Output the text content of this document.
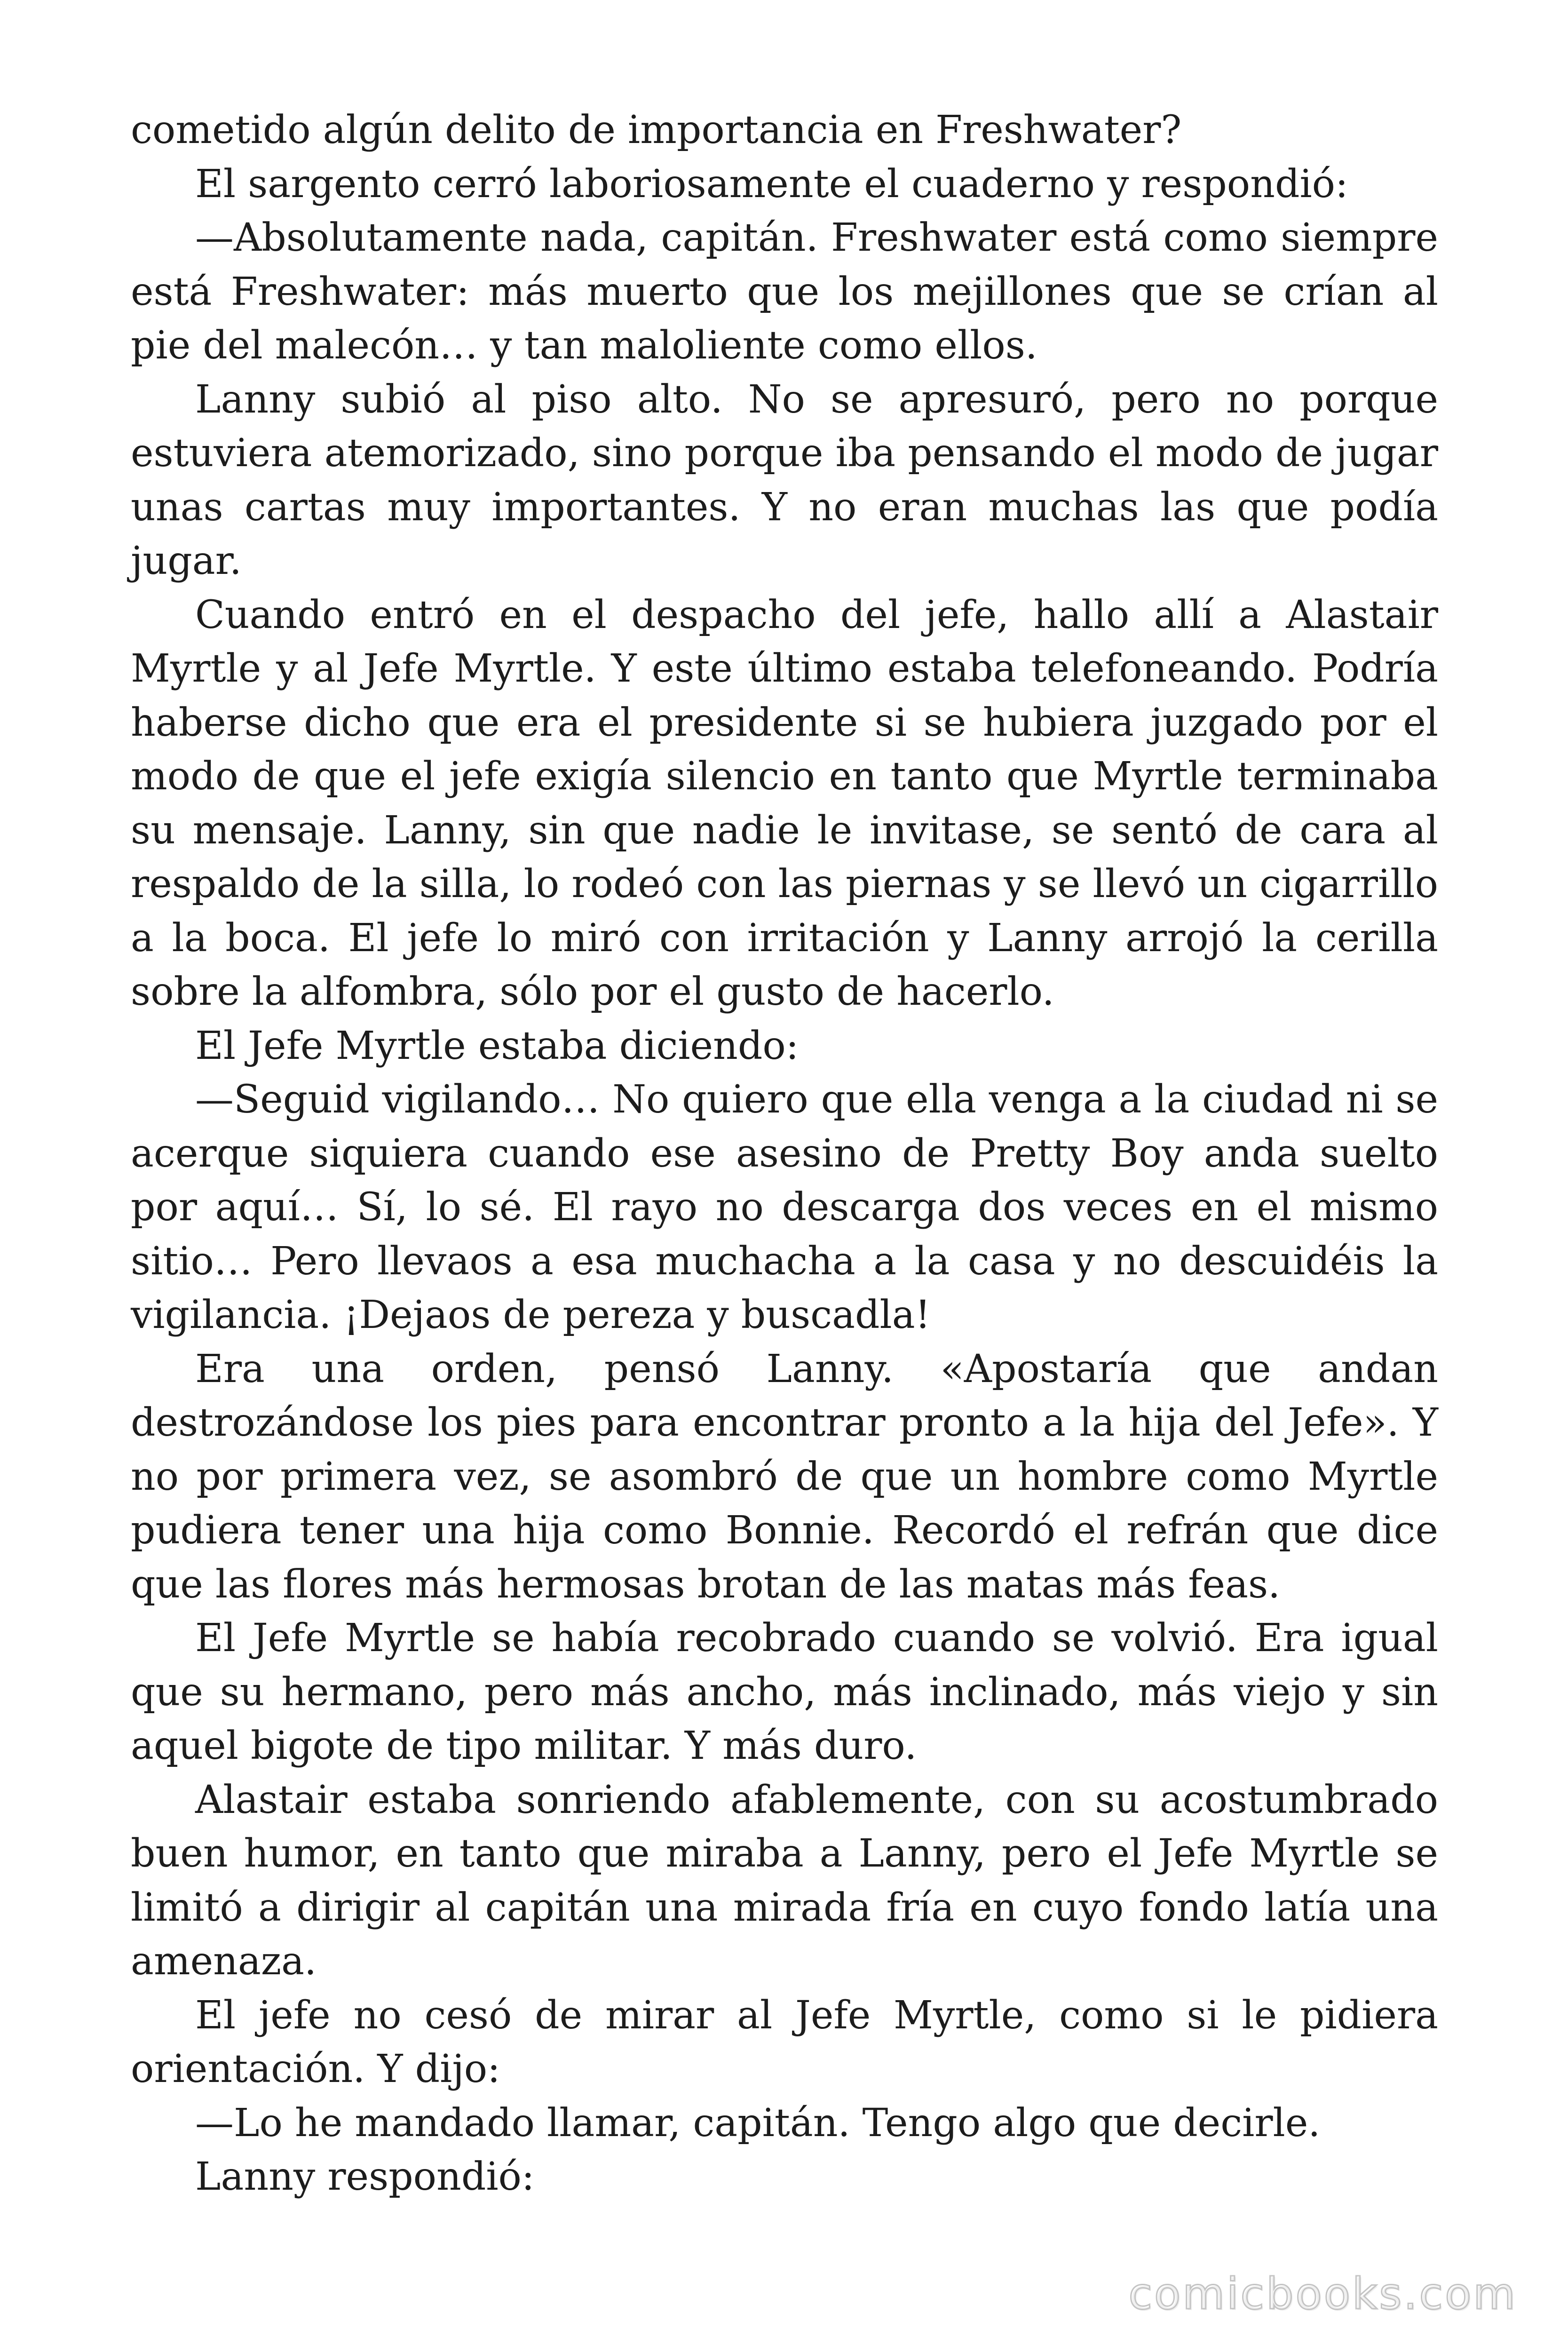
cometido algún delito de importancia en Freshwater?

El sargento cerró laboriosamente el cuaderno y respondió:

—Absolutamente nada, capitán. Freshwater está como siempre está Freshwater: más muerto que los mejillones que se crían al pie del malecón… y tan maloliente como ellos.

Lanny subió al piso alto. No se apresuró, pero no porque estuviera atemorizado, sino porque iba pensando el modo de jugar unas cartas muy importantes. Y no eran muchas las que podía jugar.

Cuando entró en el despacho del jefe, hallo allí a Alastair Myrtle y al Jefe Myrtle. Y este último estaba telefoneando. Podría haberse dicho que era el presidente si se hubiera juzgado por el modo de que el jefe exigía silencio en tanto que Myrtle terminaba su mensaje. Lanny, sin que nadie le invitase, se sentó de cara al respaldo de la silla, lo rodeó con las piernas y se llevó un cigarrillo a la boca. El jefe lo miró con irritación y Lanny arrojó la cerilla sobre la alfombra, sólo por el gusto de hacerlo.

El Jefe Myrtle estaba diciendo:

—Seguid vigilando… No quiero que ella venga a la ciudad ni se acerque siquiera cuando ese asesino de Pretty Boy anda suelto por aquí… Sí, lo sé. El rayo no descarga dos veces en el mismo sitio… Pero llevaos a esa muchacha a la casa y no descuidéis la vigilancia. ¡Dejaos de pereza y buscadla!

Era una orden, pensó Lanny. «Apostaría que andan destrozándose los pies para encontrar pronto a la hija del Jefe». Y no por primera vez, se asombró de que un hombre como Myrtle pudiera tener una hija como Bonnie. Recordó el refrán que dice que las flores más hermosas brotan de las matas más feas.

El Jefe Myrtle se había recobrado cuando se volvió. Era igual que su hermano, pero más ancho, más inclinado, más viejo y sin aquel bigote de tipo militar. Y más duro.

Alastair estaba sonriendo afablemente, con su acostumbrado buen humor, en tanto que miraba a Lanny, pero el Jefe Myrtle se limitó a dirigir al capitán una mirada fría en cuyo fondo latía una amenaza.

El jefe no cesó de mirar al Jefe Myrtle, como si le pidiera orientación. Y dijo:

—Lo he mandado llamar, capitán. Tengo algo que decirle.

Lanny respondió:

comicbooks.com
